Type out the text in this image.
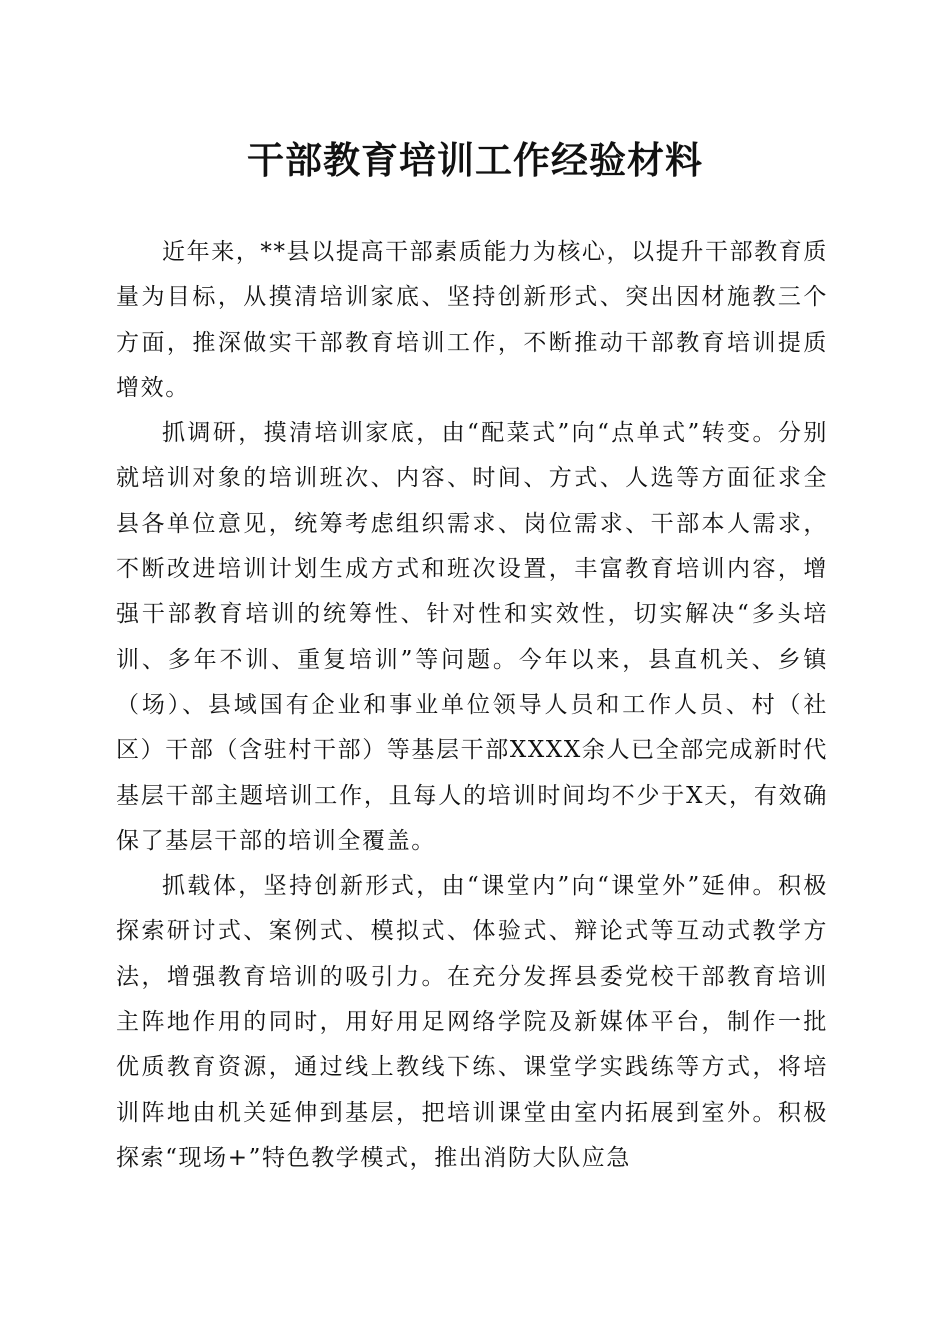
干部教育培训工作经验材料

近年来，**县以提高干部素质能力为核心，以提升干部教育质量为目标，从摸清培训家底、坚持创新形式、突出因材施教三个方面，推深做实干部教育培训工作，不断推动干部教育培训提质增效。

抓调研，摸清培训家底，由“配菜式”向“点单式”转变。分别就培训对象的培训班次、内容、时间、方式、人选等方面征求全县各单位意见，统筹考虑组织需求、岗位需求、干部本人需求，不断改进培训计划生成方式和班次设置，丰富教育培训内容，增强干部教育培训的统筹性、针对性和实效性，切实解决“多头培训、多年不训、重复培训”等问题。今年以来，县直机关、乡镇（场）、县域国有企业和事业单位领导人员和工作人员、村（社区）干部（含驻村干部）等基层干部XXXX余人已全部完成新时代基层干部主题培训工作，且每人的培训时间均不少于X天，有效确保了基层干部的培训全覆盖。

抓载体，坚持创新形式，由“课堂内”向“课堂外”延伸。积极探索研讨式、案例式、模拟式、体验式、辩论式等互动式教学方法，增强教育培训的吸引力。在充分发挥县委党校干部教育培训主阵地作用的同时，用好用足网络学院及新媒体平台，制作一批优质教育资源，通过线上教线下练、课堂学实践练等方式，将培训阵地由机关延伸到基层，把培训课堂由室内拓展到室外。积极探索“现场+”特色教学模式，推出消防大队应急
